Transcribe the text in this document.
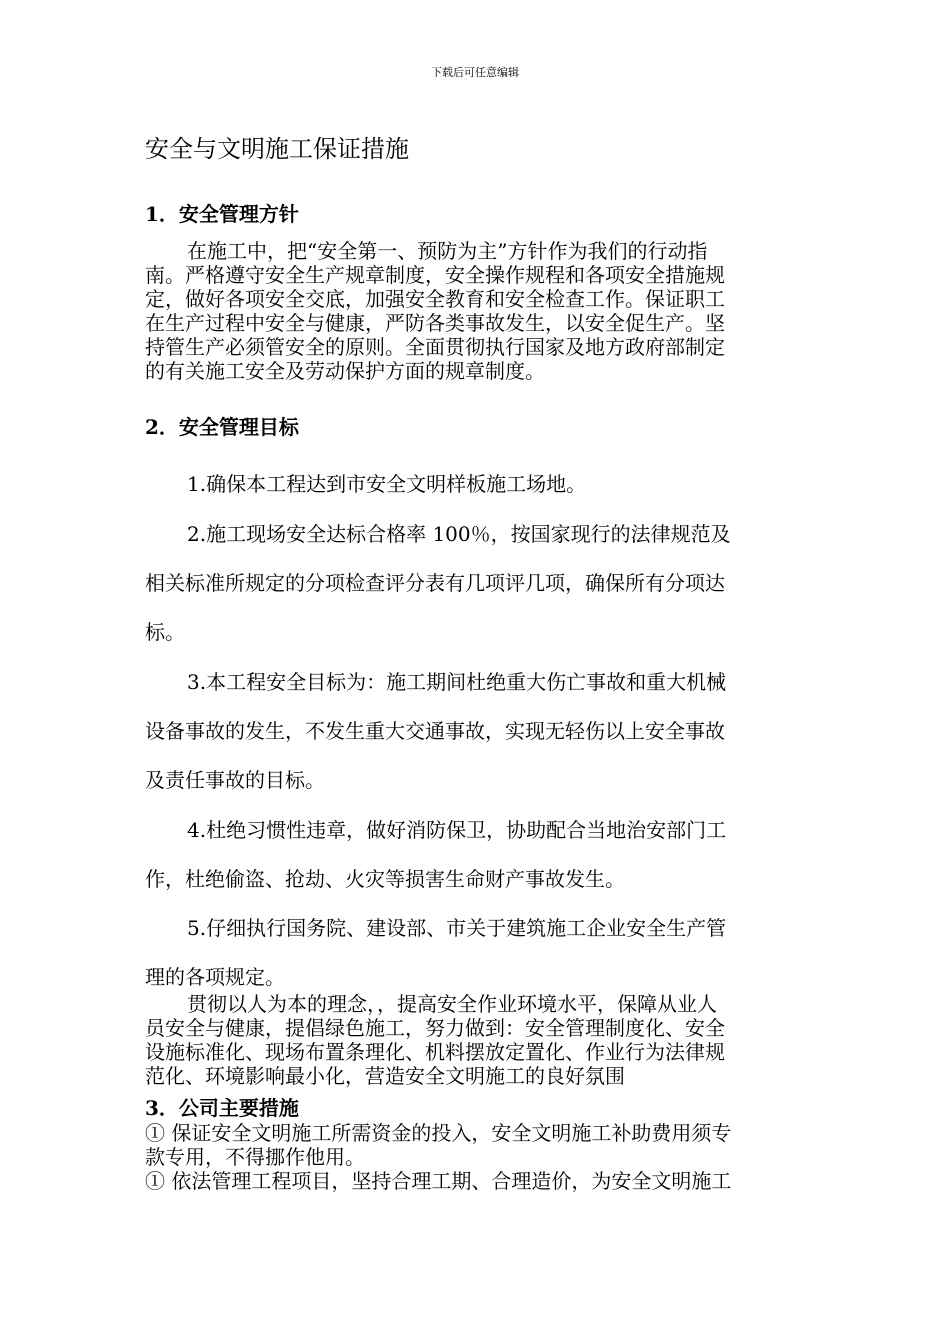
下载后可任意编辑
安全与文明施工保证措施
1．安全管理方针
在施工中，把“安全第一、预防为主”方针作为我们的行动指
南。严格遵守安全生产规章制度，安全操作规程和各项安全措施规
定，做好各项安全交底，加强安全教育和安全检查工作。保证职工
在生产过程中安全与健康，严防各类事故发生，以安全促生产。坚
持管生产必须管安全的原则。全面贯彻执行国家及地方政府部制定
的有关施工安全及劳动保护方面的规章制度。
2．安全管理目标
1.确保本工程达到市安全文明样板施工场地。
2.施工现场安全达标合格率 100％，按国家现行的法律规范及
相关标准所规定的分项检查评分表有几项评几项，确保所有分项达
标。
3.本工程安全目标为：施工期间杜绝重大伤亡事故和重大机械
设备事故的发生，不发生重大交通事故，实现无轻伤以上安全事故
及责任事故的目标。
4.杜绝习惯性违章，做好消防保卫，协助配合当地治安部门工
作，杜绝偷盗、抢劫、火灾等损害生命财产事故发生。
5.仔细执行国务院、建设部、市关于建筑施工企业安全生产管
理的各项规定。
贯彻以人为本的理念，，提高安全作业环境水平，保障从业人
员安全与健康，提倡绿色施工，努力做到：安全管理制度化、安全
设施标准化、现场布置条理化、机料摆放定置化、作业行为法律规
范化、环境影响最小化，营造安全文明施工的良好氛围
3．公司主要措施
① 保证安全文明施工所需资金的投入，安全文明施工补助费用须专
款专用，不得挪作他用。
① 依法管理工程项目，坚持合理工期、合理造价，为安全文明施工
